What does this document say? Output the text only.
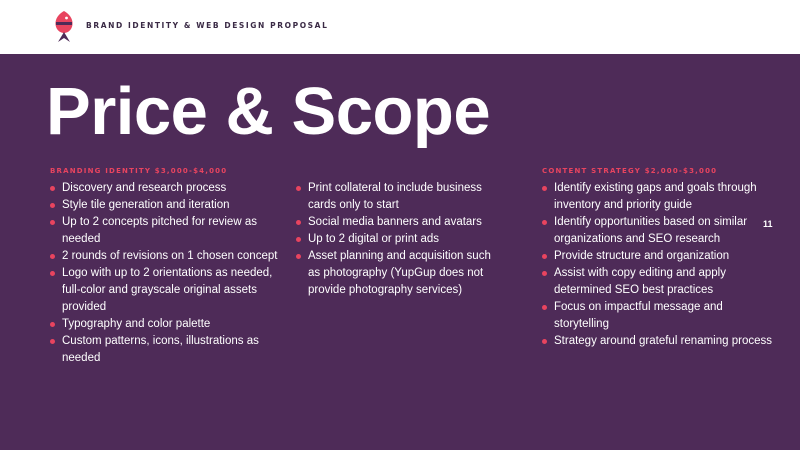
BRAND IDENTITY & WEB DESIGN PROPOSAL
Price & Scope
11
BRANDING IDENTITY $3,000-$4,000
Discovery and research process
Style tile generation and iteration
Up to 2 concepts pitched for review as needed
2 rounds of revisions on 1 chosen concept
Logo with up to 2 orientations as needed, full-color and grayscale original assets provided
Typography and color palette
Custom patterns, icons, illustrations as needed
Print collateral to include business cards only to start
Social media banners and avatars
Up to 2 digital or print ads
Asset planning and acquisition such as photography (YupGup does not provide photography services)
CONTENT STRATEGY $2,000-$3,000
Identify existing gaps and goals through inventory and priority guide
Identify opportunities based on similar organizations and SEO research
Provide structure and organization
Assist with copy editing and apply determined SEO best practices
Focus on impactful message and storytelling
Strategy around grateful renaming process
